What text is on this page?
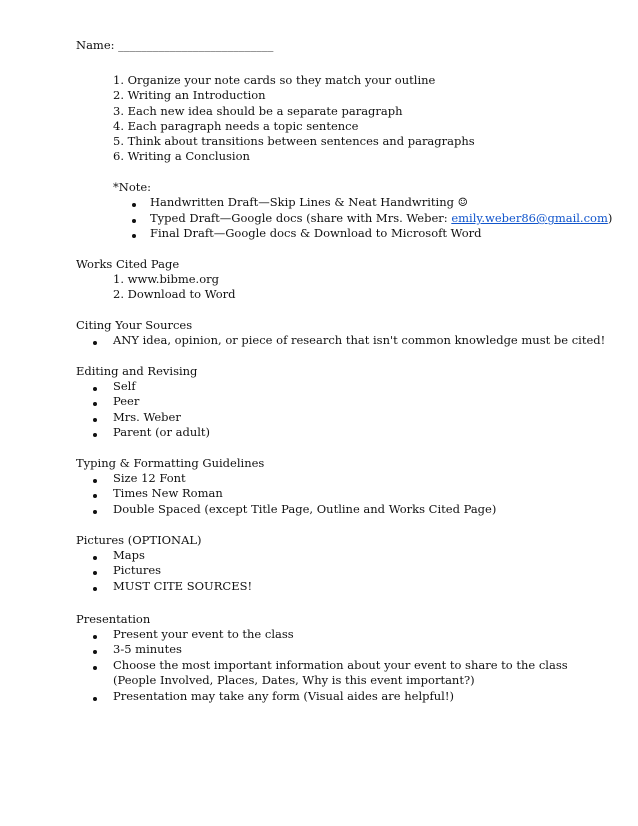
Name: ___________________________
1. Organize your note cards so they match your outline
2. Writing an Introduction
3. Each new idea should be a separate paragraph
4. Each paragraph needs a topic sentence
5. Think about transitions between sentences and paragraphs
6. Writing a Conclusion
*Note:
Handwritten Draft—Skip Lines & Neat Handwriting ☺
Typed Draft—Google docs (share with Mrs. Weber: emily.weber86@gmail.com)
Final Draft—Google docs & Download to Microsoft Word
Works Cited Page
1. www.bibme.org
2. Download to Word
Citing Your Sources
ANY idea, opinion, or piece of research that isn't common knowledge must be cited!
Editing and Revising
Self
Peer
Mrs. Weber
Parent (or adult)
Typing & Formatting Guidelines
Size 12 Font
Times New Roman
Double Spaced (except Title Page, Outline and Works Cited Page)
Pictures (OPTIONAL)
Maps
Pictures
MUST CITE SOURCES!
Presentation
Present your event to the class
3-5 minutes
Choose the most important information about your event to share to the class
(People Involved, Places, Dates, Why is this event important?)
Presentation may take any form (Visual aides are helpful!)
